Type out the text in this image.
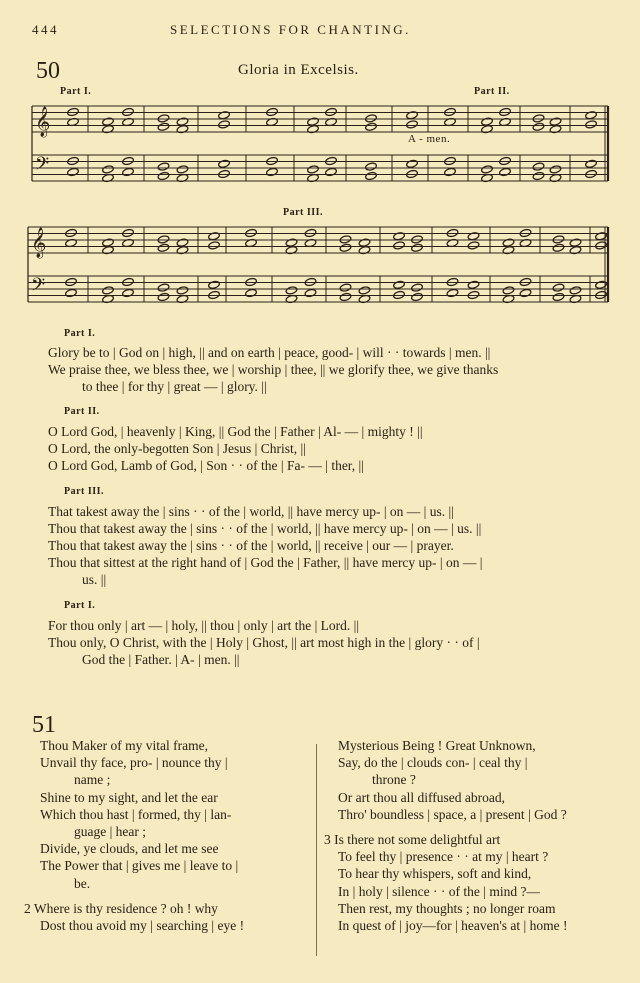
444	SELECTIONS FOR CHANTING.
50	Gloria in Excelsis.
𝄞
𝄢
𝄞
𝄢
Part I.	Part II.
A - men.
Part III.
Part I.
Glory be to | God on | high, || and on earth | peace, good- | will · · towards | men. ||
We praise thee, we bless thee, we | worship | thee, || we glorify thee, we give thanks
to thee | for thy | great — | glory. ||
Part II.
O Lord God, | heavenly | King, || God the | Father | Al- — | mighty ! ||
O Lord, the only-begotten Son | Jesus | Christ, ||
O Lord God, Lamb of God, | Son · · of the | Fa- — | ther, ||
Part III.
That takest away the | sins · · of the | world, || have mercy up- | on — | us. ||
Thou that takest away the | sins · · of the | world, || have mercy up- | on — | us. ||
Thou that takest away the | sins · · of the | world, || receive | our — | prayer.
Thou that sittest at the right hand of | God the | Father, || have mercy up- | on — |
us. ||
Part I.
For thou only | art — | holy, || thou | only | art the | Lord. ||
Thou only, O Christ, with the | Holy | Ghost, || art most high in the | glory · · of |
God the | Father. | A- | men. ||
51
Thou Maker of my vital frame,
Unvail thy face, pro- | nounce thy |
name ;
Shine to my sight, and let the ear
Which thou hast | formed, thy | lan-
guage | hear ;
Divide, ye clouds, and let me see
The Power that | gives me | leave to |
be.
2 Where is thy residence ? oh ! why
Dost thou avoid my | searching | eye !
Mysterious Being ! Great Unknown,
Say, do the | clouds con- | ceal thy |
throne ?
Or art thou all diffused abroad,
Thro' boundless | space, a | present | God ?
3 Is there not some delightful art
To feel thy | presence · · at my | heart ?
To hear thy whispers, soft and kind,
In | holy | silence · · of the | mind ?—
Then rest, my thoughts ; no longer roam
In quest of | joy—for | heaven's at | home !
